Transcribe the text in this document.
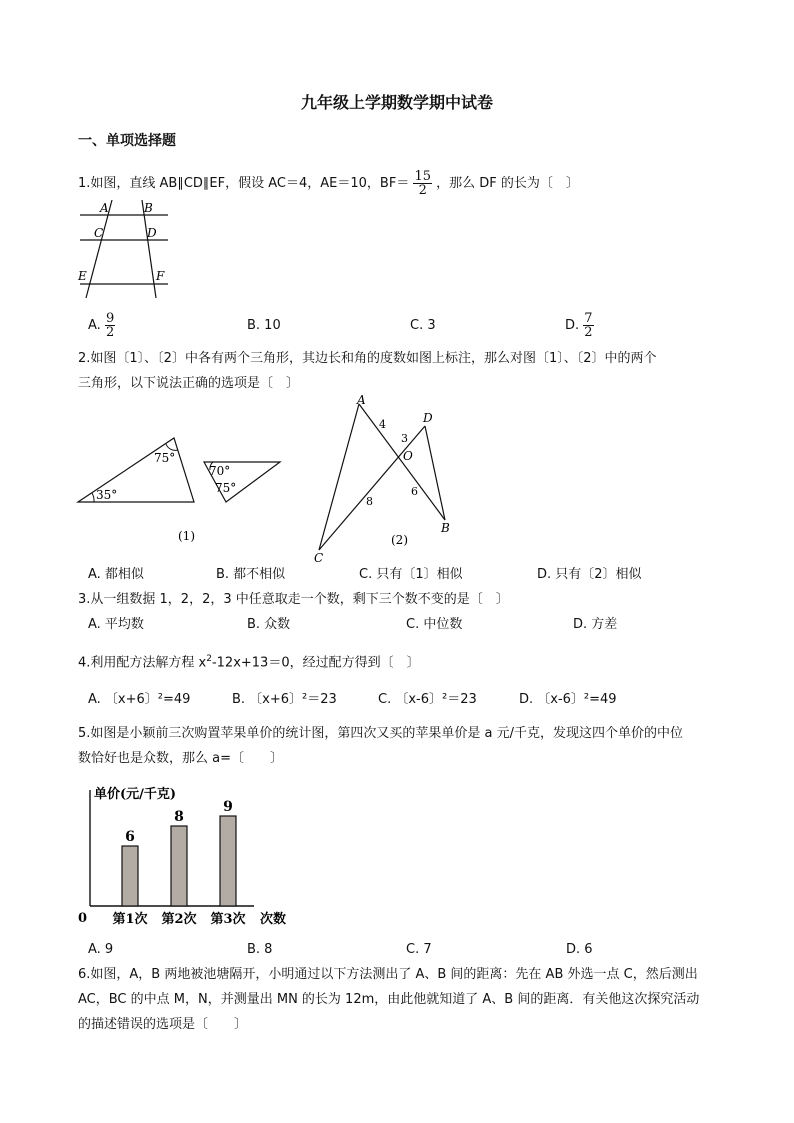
九年级上学期数学期中试卷
一、单项选择题
1.如图，直线 AB∥CD∥EF，假设 AC＝4，AE＝10，$BF= \frac{15}{2}$ ，那么 DF 的长为〔　〕
A	B
C	D
E	F
A. $\frac{9}{2}$	B. 10	C. 3	D. $\frac{7}{2}$
2.如图〔1〕、〔2〕中各有两个三角形，其边长和角的度数如图上标注，那么对图〔1〕、〔2〕中的两个
三角形，以下说法正确的选项是〔　〕
75°
35°
70°
75°
(1)
A
D
O
B
C
4
3
8
6
(2)
A. 都相似	B. 都不相似	C. 只有〔1〕相似	D. 只有〔2〕相似
3.从一组数据 1，2，2，3 中任意取走一个数，剩下三个数不变的是〔　〕
A. 平均数	B. 众数	C. 中位数	D. 方差
4.利用配方法解方程 $x^2-12x+13=0$，经过配方得到〔　〕
A. 〔x+6〕²=49	B. 〔x+6〕²＝23	C. 〔x-6〕²＝23	D. 〔x-6〕²=49
5.如图是小颖前三次购置苹果单价的统计图，第四次又买的苹果单价是 a 元/千克，发现这四个单价的中位
数恰好也是众数，那么 a=〔　　〕
0
单价(元/千克)
次数
6
第1次
8
第2次
9
第3次
A. 9	B. 8	C. 7	D. 6
6.如图，A，B 两地被池塘隔开，小明通过以下方法测出了 A、B 间的距离：先在 AB 外选一点 C，然后测出
AC，BC 的中点 M，N，并测量出 MN 的长为 12m，由此他就知道了 A、B 间的距离．有关他这次探究活动
的描述错误的选项是〔　　〕
